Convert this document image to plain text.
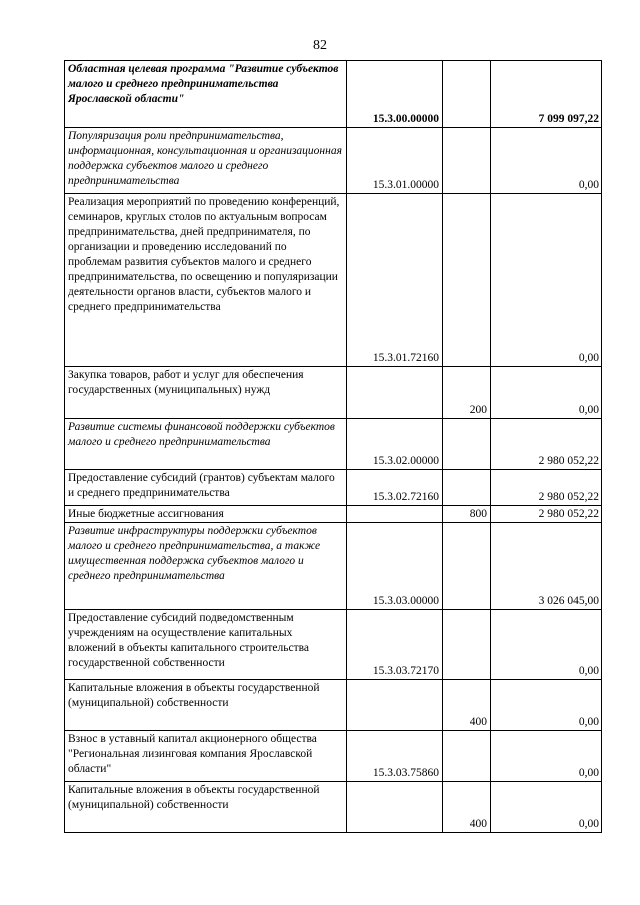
82
Областная целевая программа "Развитие субъектов малого и среднего предпринимательства Ярославской области"	15.3.00.00000		7 099 097,22
Популяризация роли предпринимательства, информационная, консультационная и организационная поддержка субъектов малого и среднего предпринимательства	15.3.01.00000		0,00
Реализация мероприятий по проведению конференций, семинаров, круглых столов по актуальным вопросам предпринимательства, дней предпринимателя, по организации и проведению исследований по проблемам развития субъектов малого и среднего предпринимательства, по освещению и популяризации деятельности органов власти, субъектов малого и среднего предпринимательства	15.3.01.72160		0,00
Закупка товаров, работ и услуг для обеспечения государственных (муниципальных) нужд		200	0,00
Развитие системы финансовой поддержки субъектов малого и среднего предпринимательства	15.3.02.00000		2 980 052,22
Предоставление субсидий (грантов) субъектам малого и среднего предпринимательства	15.3.02.72160		2 980 052,22
Иные бюджетные ассигнования		800	2 980 052,22
Развитие инфраструктуры поддержки субъектов малого и среднего предпринимательства, а также имущественная поддержка субъектов малого и среднего предпринимательства	15.3.03.00000		3 026 045,00
Предоставление субсидий подведомственным учреждениям на осуществление капитальных вложений в объекты капитального строительства государственной собственности	15.3.03.72170		0,00
Капитальные вложения в объекты государственной (муниципальной) собственности		400	0,00
Взнос в уставный капитал акционерного общества "Региональная лизинговая компания Ярославской области"	15.3.03.75860		0,00
Капитальные вложения в объекты государственной (муниципальной) собственности		400	0,00
